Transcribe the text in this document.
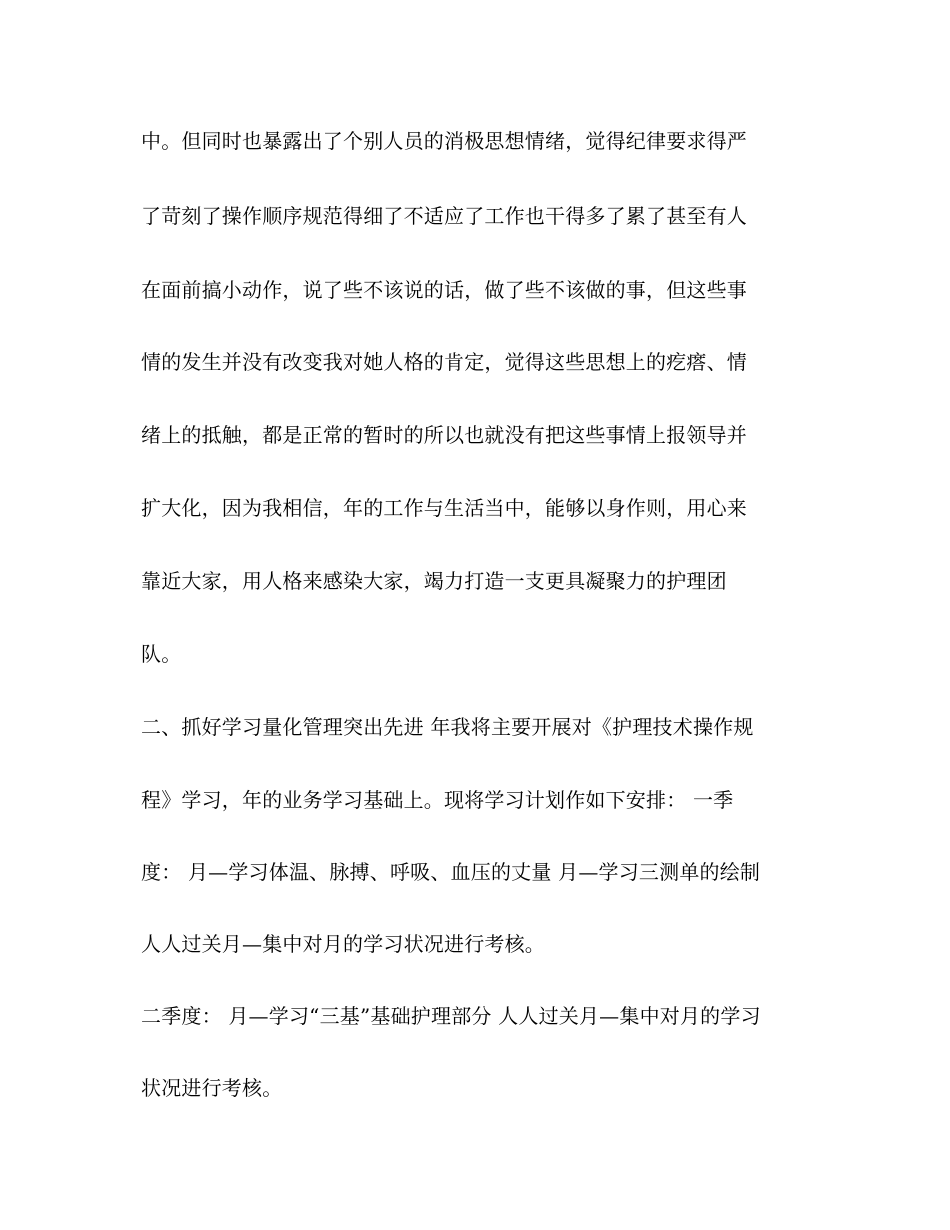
中。但同时也暴露出了个别人员的消极思想情绪，觉得纪律要求得严
了苛刻了操作顺序规范得细了不适应了工作也干得多了累了甚至有人
在面前搞小动作，说了些不该说的话，做了些不该做的事，但这些事
情的发生并没有改变我对她人格的肯定，觉得这些思想上的疙瘩、情
绪上的抵触，都是正常的暂时的所以也就没有把这些事情上报领导并
扩大化，因为我相信，年的工作与生活当中，能够以身作则，用心来
靠近大家，用人格来感染大家，竭力打造一支更具凝聚力的护理团
队。
二、抓好学习量化管理突出先进 年我将主要开展对《护理技术操作规
程》学习，年的业务学习基础上。现将学习计划作如下安排： 一季
度： 月—学习体温、脉搏、呼吸、血压的丈量 月—学习三测单的绘制
人人过关月—集中对月的学习状况进行考核。
二季度： 月—学习“三基”基础护理部分 人人过关月—集中对月的学习
状况进行考核。
